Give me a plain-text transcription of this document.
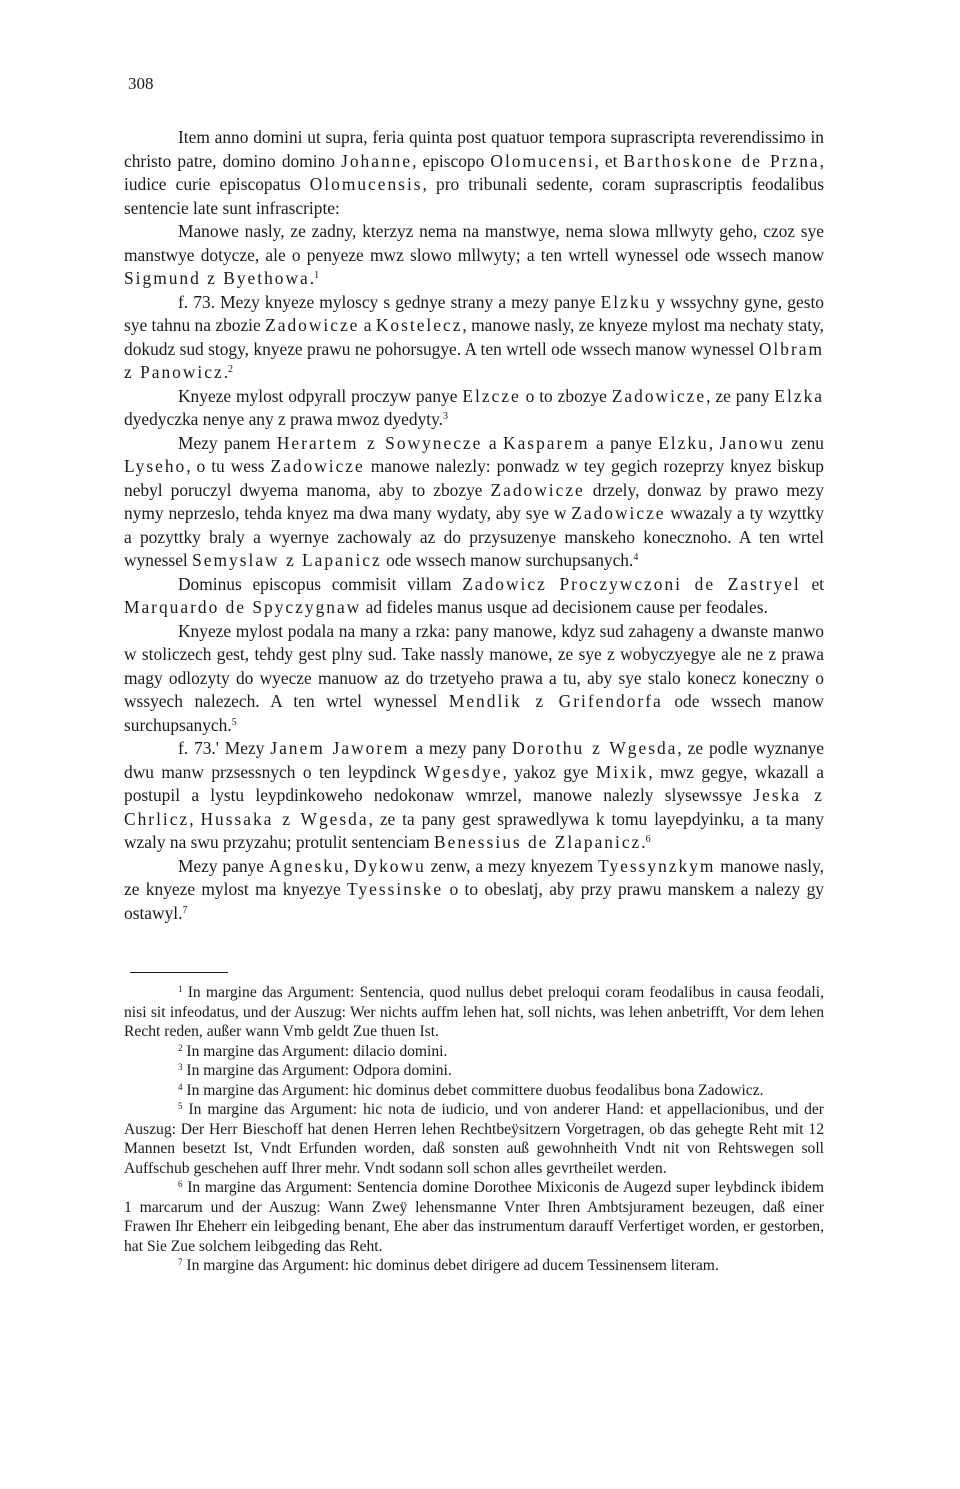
308

Item anno domini ut supra, feria quinta post quatuor tempora suprascripta reverendissimo in christo patre, domino domino Johanne, episcopo Olomucensi, et Barthoskone de Przna, iudice curie episcopatus Olomucensis, pro tribunali sedente, coram suprascriptis feodalibus sentencie late sunt infrascripte:

Manowe nasly, ze zadny, kterzyz nema na manstwye, nema slowa mllwyty geho, czoz sye manstwye dotycze, ale o penyeze mwz slowo mllwyty; a ten wrtell wynessel ode wssech manow Sigmund z Byethowa.$^1$

f. 73. Mezy knyeze myloscy s gednye strany a mezy panye Elzku y wssychny gyne, gesto sye tahnu na zbozie Zadowicze a Kostelecz, manowe nasly, ze knyeze mylost ma nechaty staty, dokudz sud stogy, knyeze prawu ne pohorsugye. A ten wrtell ode wssech manow wynessel Olbram z Panowicz.$^2$

Knyeze mylost odpyrall proczyw panye Elzcze o to zbozye Zadowicze, ze pany Elzka dyedyczka nenye any z prawa mwoz dyedyty.$^3$

Mezy panem Herartem z Sowynecze a Kasparem a panye Elzku, Janowu zenu Lyseho, o tu wess Zadowicze manowe nalezly: ponwadz w tey gegich rozeprzy knyez biskup nebyl poruczyl dwyema manoma, aby to zbozye Zadowicze drzely, donwaz by prawo mezy nymy neprzeslo, tehda knyez ma dwa many wydaty, aby sye w Zadowicze wwazaly a ty wzyttky a pozyttky braly a wyernye zachowaly az do przysuzenye manskeho konecznoho. A ten wrtel wynessel Semyslaw z Lapanicz ode wssech manow surchupsanych.$^4$

Dominus episcopus commisit villam Zadowicz Proczywczoni de Zastryel et Marquardo de Spyczygnaw ad fideles manus usque ad decisionem cause per feodales.

Knyeze mylost podala na many a rzka: pany manowe, kdyz sud zahageny a dwanste manwo w stoliczech gest, tehdy gest plny sud. Take nassly manowe, ze sye z wobyczyegye ale ne z prawa magy odlozyty do wyecze manuow az do trzetyeho prawa a tu, aby sye stalo konecz koneczny o wssyech nalezech. A ten wrtel wynessel Mendlik z Grifendorfa ode wssech manow surchupsanych.$^5$

f. 73.' Mezy Janem Jaworem a mezy pany Dorothu z Wgesda, ze podle wyznanye dwu manw przsessnych o ten leypdinck Wgesdye, yakoz gye Mixik, mwz gegye, wkazall a postupil a lystu leypdinkoweho nedokonaw wmrzel, manowe nalezly slysewssye Jeska z Chrlicz, Hussaka z Wgesda, ze ta pany gest sprawedlywa k tomu layepdyinku, a ta many wzaly na swu przyzahu; protulit sentenciam Benessius de Zlapanicz.$^6$

Mezy panye Agnesku, Dykowu zenw, a mezy knyezem Tyessynzkym manowe nasly, ze knyeze mylost ma knyezye Tyessinske o to obeslatj, aby przy prawu manskem a nalezy gy ostawyl.$^7$

$^1$ In margine das Argument: Sentencia, quod nullus debet preloqui coram feodalibus in causa feodali, nisi sit infeodatus, und der Auszug: Wer nichts auffm lehen hat, soll nichts, was lehen anbetrifft, Vor dem lehen Recht reden, außer wann Vmb geldt Zue thuen Ist.

$^2$ In margine das Argument: dilacio domini.

$^3$ In margine das Argument: Odpora domini.

$^4$ In margine das Argument: hic dominus debet committere duobus feodalibus bona Zadowicz.

$^5$ In margine das Argument: hic nota de iudicio, und von anderer Hand: et appellacionibus, und der Auszug: Der Herr Bieschoff hat denen Herren lehen Rechtbeÿsitzern Vorgetragen, ob das gehegte Reht mit 12 Mannen besetzt Ist, Vndt Erfunden worden, daß sonsten auß gewohnheith Vndt nit von Rehtswegen soll Auffschub geschehen auff Ihrer mehr. Vndt sodann soll schon alles gevrtheilet werden.

$^6$ In margine das Argument: Sentencia domine Dorothee Mixiconis de Augezd super leybdinck ibidem 1 marcarum und der Auszug: Wann Zweÿ lehensmanne Vnter Ihren Ambtsjurament bezeugen, daß einer Frawen Ihr Eheherr ein leibgeding benant, Ehe aber das instrumentum darauff Verfertiget worden, er gestorben, hat Sie Zue solchem leibgeding das Reht.

$^7$ In margine das Argument: hic dominus debet dirigere ad ducem Tessinensem literam.
